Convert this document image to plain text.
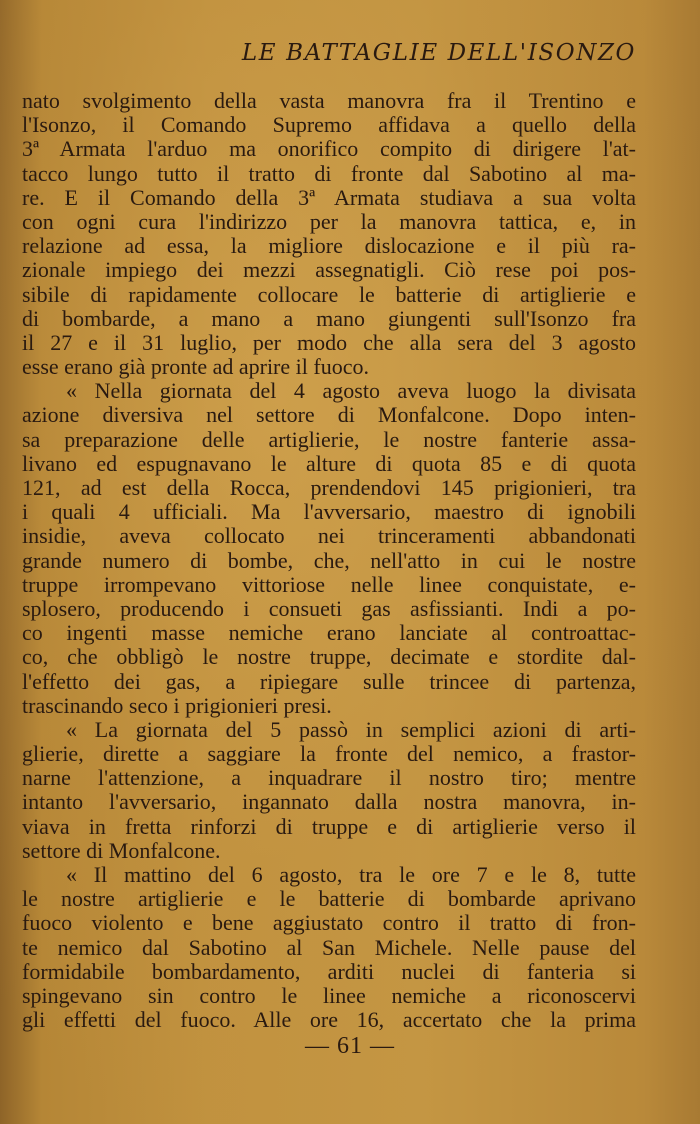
LE BATTAGLIE DELL'ISONZO
nato svolgimento della vasta manovra fra il Trentino e
l'Isonzo, il Comando Supremo affidava a quello della
3ª Armata l'arduo ma onorifico compito di dirigere l'at-
tacco lungo tutto il tratto di fronte dal Sabotino al ma-
re. E il Comando della 3ª Armata studiava a sua volta
con ogni cura l'indirizzo per la manovra tattica, e, in
relazione ad essa, la migliore dislocazione e il più ra-
zionale impiego dei mezzi assegnatigli. Ciò rese poi pos-
sibile di rapidamente collocare le batterie di artiglierie e
di bombarde, a mano a mano giungenti sull'Isonzo fra
il 27 e il 31 luglio, per modo che alla sera del 3 agosto
esse erano già pronte ad aprire il fuoco.
« Nella giornata del 4 agosto aveva luogo la divisata
azione diversiva nel settore di Monfalcone. Dopo inten-
sa preparazione delle artiglierie, le nostre fanterie assa-
livano ed espugnavano le alture di quota 85 e di quota
121, ad est della Rocca, prendendovi 145 prigionieri, tra
i quali 4 ufficiali. Ma l'avversario, maestro di ignobili
insidie, aveva collocato nei trinceramenti abbandonati
grande numero di bombe, che, nell'atto in cui le nostre
truppe irrompevano vittoriose nelle linee conquistate, e-
splosero, producendo i consueti gas asfissianti. Indi a po-
co ingenti masse nemiche erano lanciate al controattac-
co, che obbligò le nostre truppe, decimate e stordite dal-
l'effetto dei gas, a ripiegare sulle trincee di partenza,
trascinando seco i prigionieri presi.
« La giornata del 5 passò in semplici azioni di arti-
glierie, dirette a saggiare la fronte del nemico, a frastor-
narne l'attenzione, a inquadrare il nostro tiro; mentre
intanto l'avversario, ingannato dalla nostra manovra, in-
viava in fretta rinforzi di truppe e di artiglierie verso il
settore di Monfalcone.
« Il mattino del 6 agosto, tra le ore 7 e le 8, tutte
le nostre artiglierie e le batterie di bombarde aprivano
fuoco violento e bene aggiustato contro il tratto di fron-
te nemico dal Sabotino al San Michele. Nelle pause del
formidabile bombardamento, arditi nuclei di fanteria si
spingevano sin contro le linee nemiche a riconoscervi
gli effetti del fuoco. Alle ore 16, accertato che la prima
— 61 —
